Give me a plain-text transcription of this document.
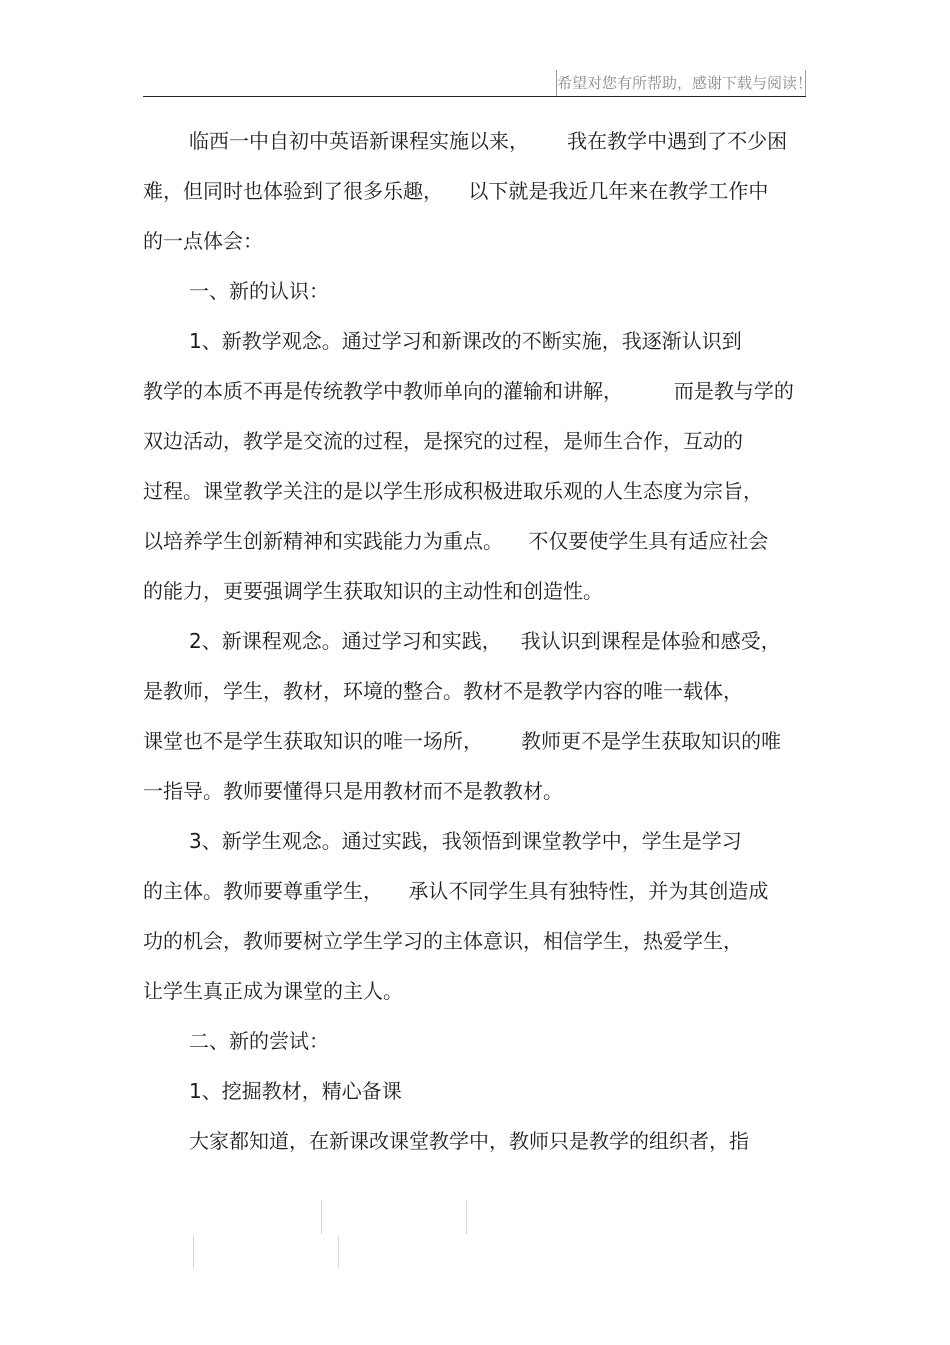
希望对您有所帮助，感谢下载与阅读！
临西一中自初中英语新课程实施以来，      我在教学中遇到了不少困
难，但同时也体验到了很多乐趣，    以下就是我近几年来在教学工作中
的一点体会：
一、新的认识：
1、新教学观念。通过学习和新课改的不断实施，我逐渐认识到
教学的本质不再是传统教学中教师单向的灌输和讲解，        而是教与学的
双边活动，教学是交流的过程，是探究的过程，是师生合作，互动的
过程。课堂教学关注的是以学生形成积极进取乐观的人生态度为宗旨，
以培养学生创新精神和实践能力为重点。    不仅要使学生具有适应社会
的能力，更要强调学生获取知识的主动性和创造性。
2、新课程观念。通过学习和实践，   我认识到课程是体验和感受，
是教师，学生，教材，环境的整合。教材不是教学内容的唯一载体，
课堂也不是学生获取知识的唯一场所，      教师更不是学生获取知识的唯
一指导。教师要懂得只是用教材而不是教教材。
3、新学生观念。通过实践，我领悟到课堂教学中，学生是学习
的主体。教师要尊重学生，    承认不同学生具有独特性，并为其创造成
功的机会，教师要树立学生学习的主体意识，相信学生，热爱学生，
让学生真正成为课堂的主人。
二、新的尝试：
1、挖掘教材，精心备课
大家都知道，在新课改课堂教学中，教师只是教学的组织者，指
